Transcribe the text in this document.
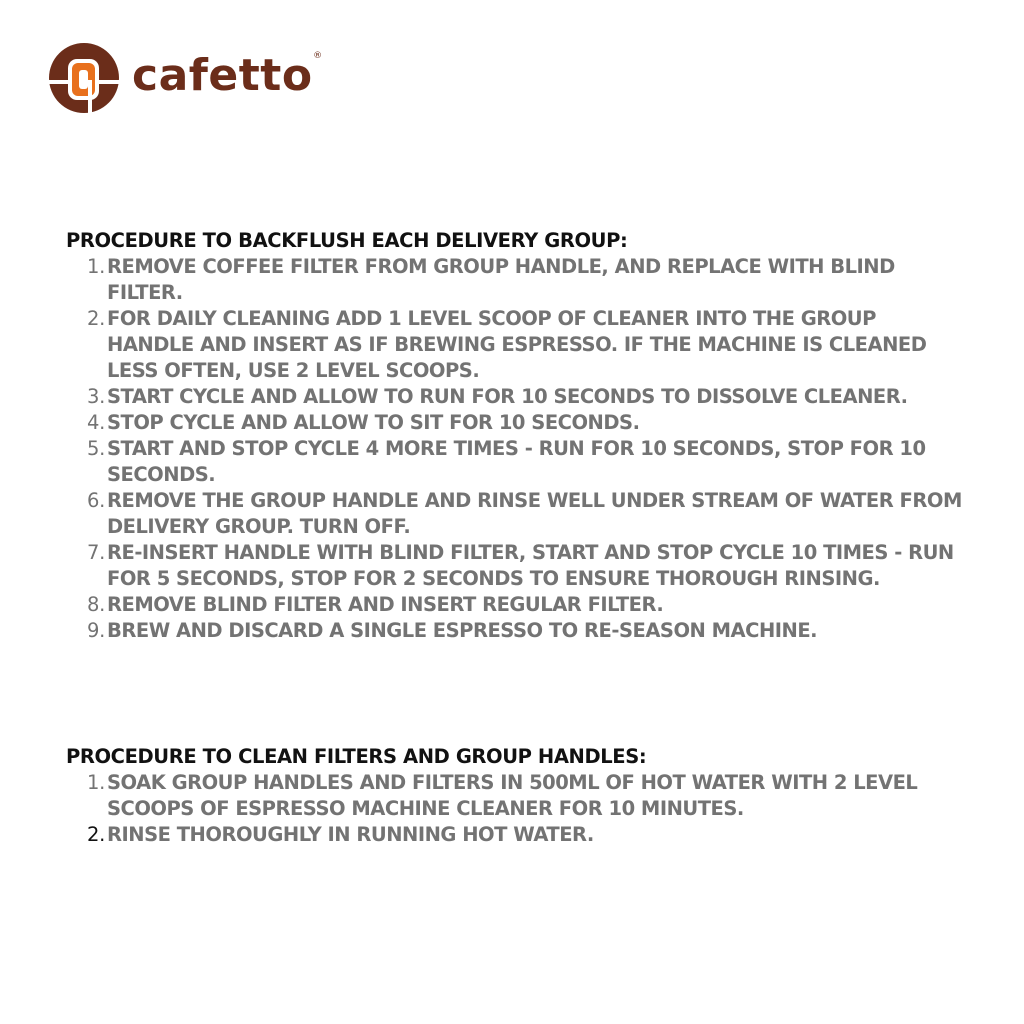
cafetto ®
PROCEDURE TO BACKFLUSH EACH DELIVERY GROUP:
1. REMOVE COFFEE FILTER FROM GROUP HANDLE, AND REPLACE WITH BLIND FILTER.
2. FOR DAILY CLEANING ADD 1 LEVEL SCOOP OF CLEANER INTO THE GROUP HANDLE AND INSERT AS IF BREWING ESPRESSO. IF THE MACHINE IS CLEANED LESS OFTEN, USE 2 LEVEL SCOOPS.
3. START CYCLE AND ALLOW TO RUN FOR 10 SECONDS TO DISSOLVE CLEANER.
4. STOP CYCLE AND ALLOW TO SIT FOR 10 SECONDS.
5. START AND STOP CYCLE 4 MORE TIMES - RUN FOR 10 SECONDS, STOP FOR 10 SECONDS.
6. REMOVE THE GROUP HANDLE AND RINSE WELL UNDER STREAM OF WATER FROM DELIVERY GROUP. TURN OFF.
7. RE-INSERT HANDLE WITH BLIND FILTER, START AND STOP CYCLE 10 TIMES - RUN FOR 5 SECONDS, STOP FOR 2 SECONDS TO ENSURE THOROUGH RINSING.
8. REMOVE BLIND FILTER AND INSERT REGULAR FILTER.
9. BREW AND DISCARD A SINGLE ESPRESSO TO RE-SEASON MACHINE.
PROCEDURE TO CLEAN FILTERS AND GROUP HANDLES:
1. SOAK GROUP HANDLES AND FILTERS IN 500ML OF HOT WATER WITH 2 LEVEL SCOOPS OF ESPRESSO MACHINE CLEANER FOR 10 MINUTES.
2. RINSE THOROUGHLY IN RUNNING HOT WATER.
